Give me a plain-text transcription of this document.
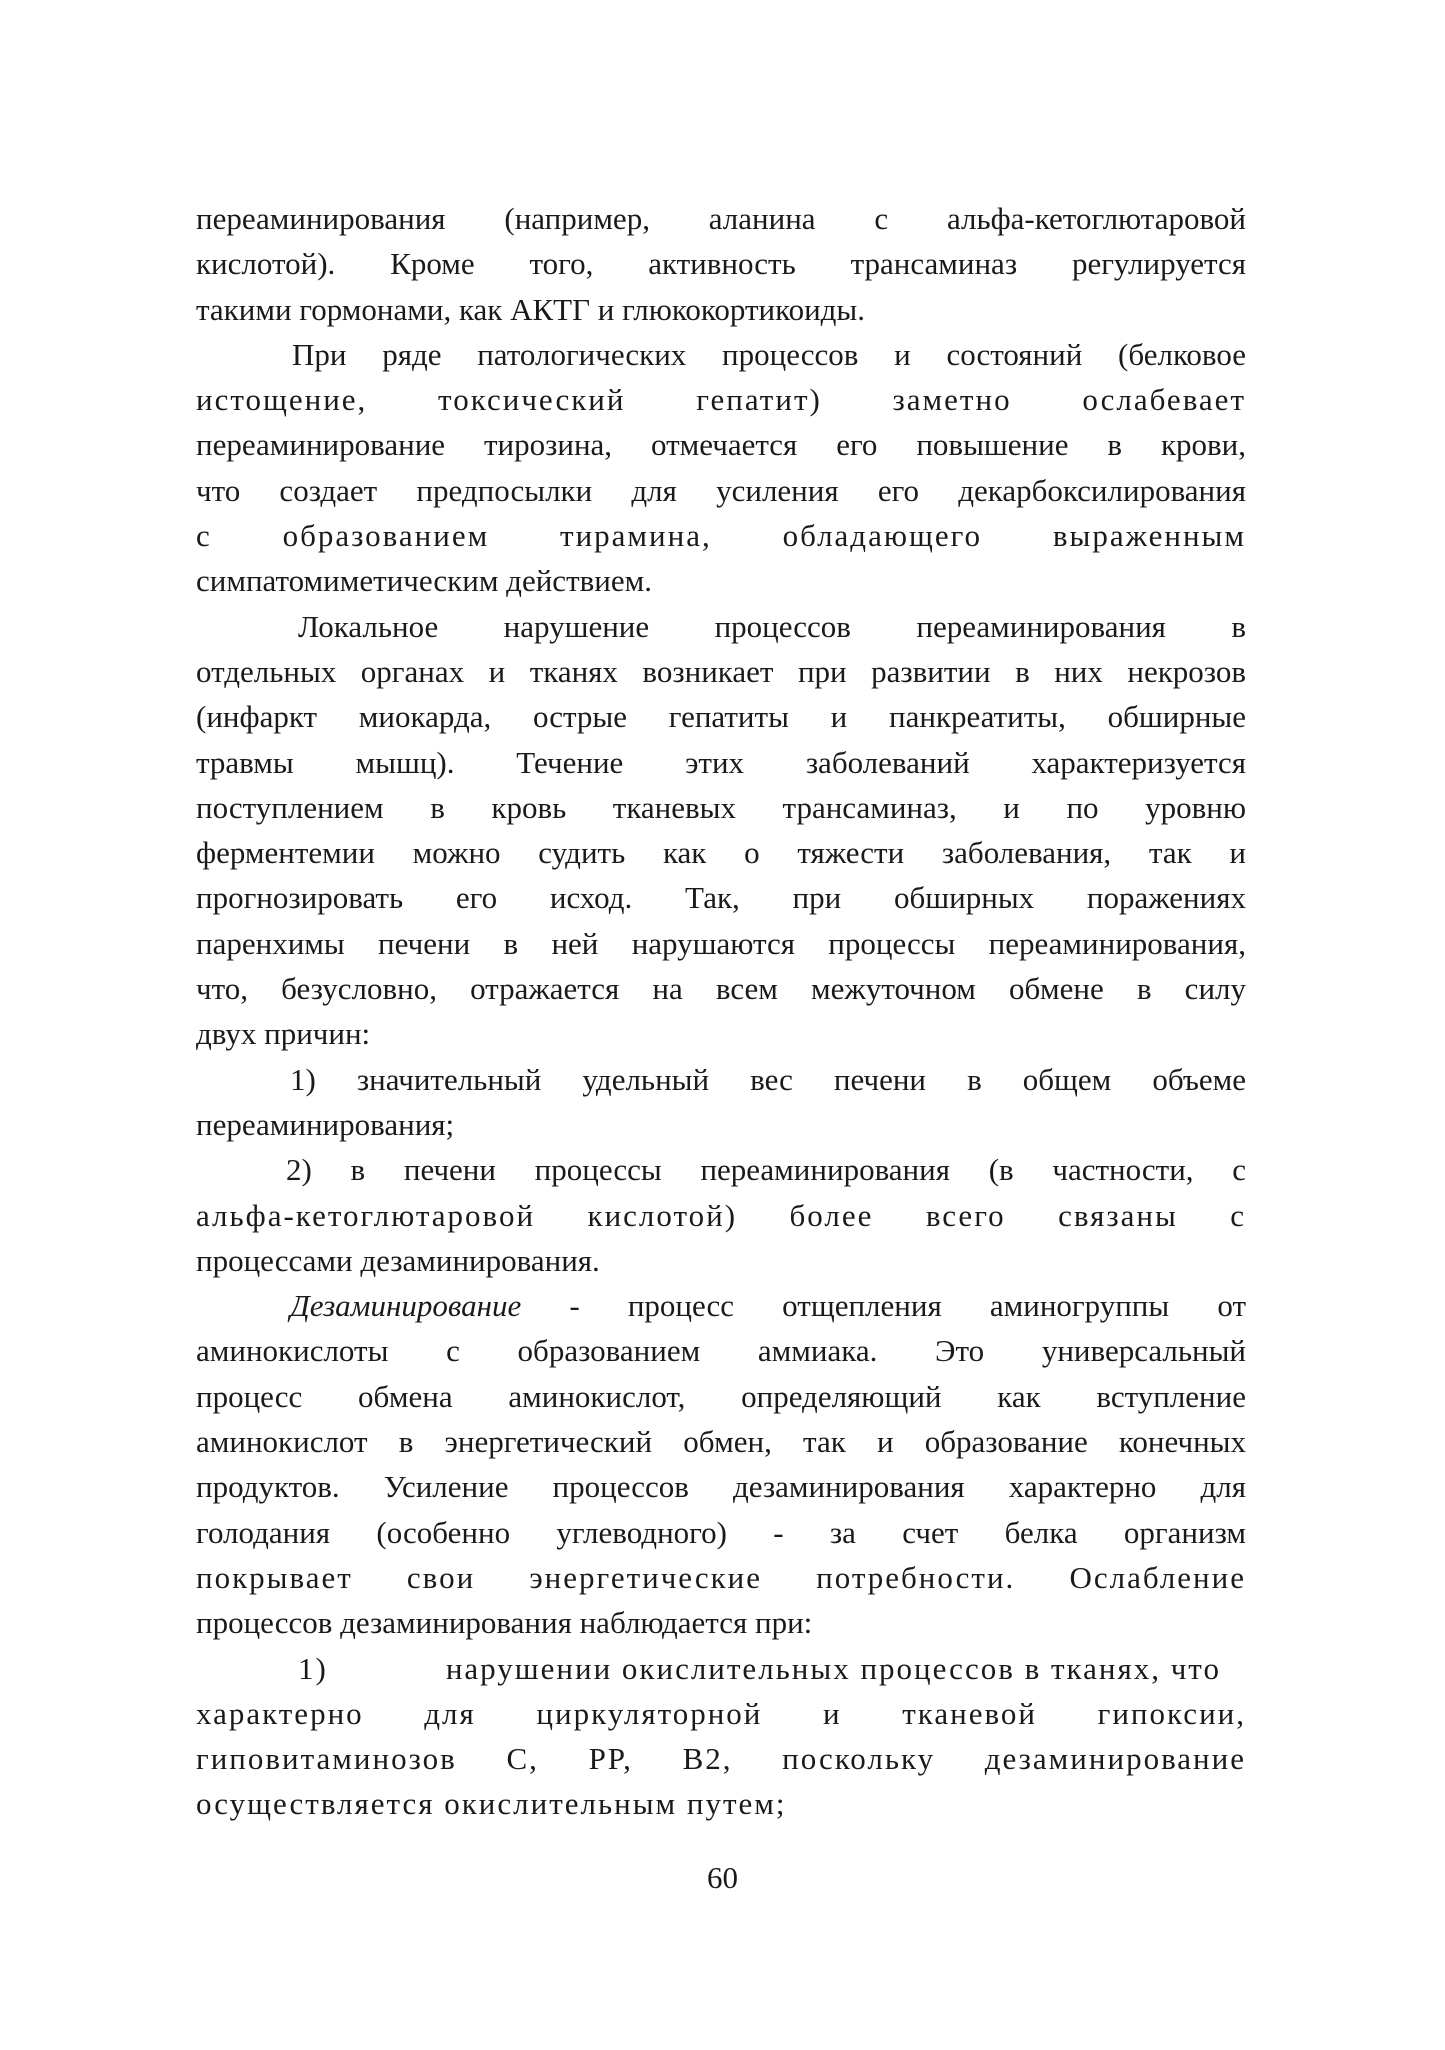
переаминирования (например, аланина с альфа-кетоглютаровой
кислотой). Кроме того, активность трансаминаз регулируется
такими гормонами, как АКТГ и глюкокортикоиды.
При ряде патологических процессов и состояний (белковое
истощение, токсический гепатит) заметно ослабевает
переаминирование тирозина, отмечается его повышение в крови,
что создает предпосылки для усиления его декарбоксилирования
с образованием тирамина, обладающего выраженным
симпатомиметическим действием.
Локальное нарушение процессов переаминирования в
отдельных органах и тканях возникает при развитии в них некрозов
(инфаркт миокарда, острые гепатиты и панкреатиты, обширные
травмы мышц). Течение этих заболеваний характеризуется
поступлением в кровь тканевых трансаминаз, и по уровню
ферментемии можно судить как о тяжести заболевания, так и
прогнозировать его исход. Так, при обширных поражениях
паренхимы печени в ней нарушаются процессы переаминирования,
что, безусловно, отражается на всем межуточном обмене в силу
двух причин:
1) значительный удельный вес печени в общем объеме
переаминирования;
2) в печени процессы переаминирования (в частности, с
альфа-кетоглютаровой кислотой) более всего связаны с
процессами дезаминирования.
Дезаминирование - процесс отщепления аминогруппы от
аминокислоты с образованием аммиака. Это универсальный
процесс обмена аминокислот, определяющий как вступление
аминокислот в энергетический обмен, так и образование конечных
продуктов. Усиление процессов дезаминирования характерно для
голодания (особенно углеводного) - за счет белка организм
покрывает свои энергетические потребности. Ослабление
процессов дезаминирования наблюдается при:
1)	нарушении окислительных процессов в тканях, что
характерно для циркуляторной и тканевой гипоксии,
гиповитаминозов С, РР, В2, поскольку дезаминирование
осуществляется окислительным путем;
60
